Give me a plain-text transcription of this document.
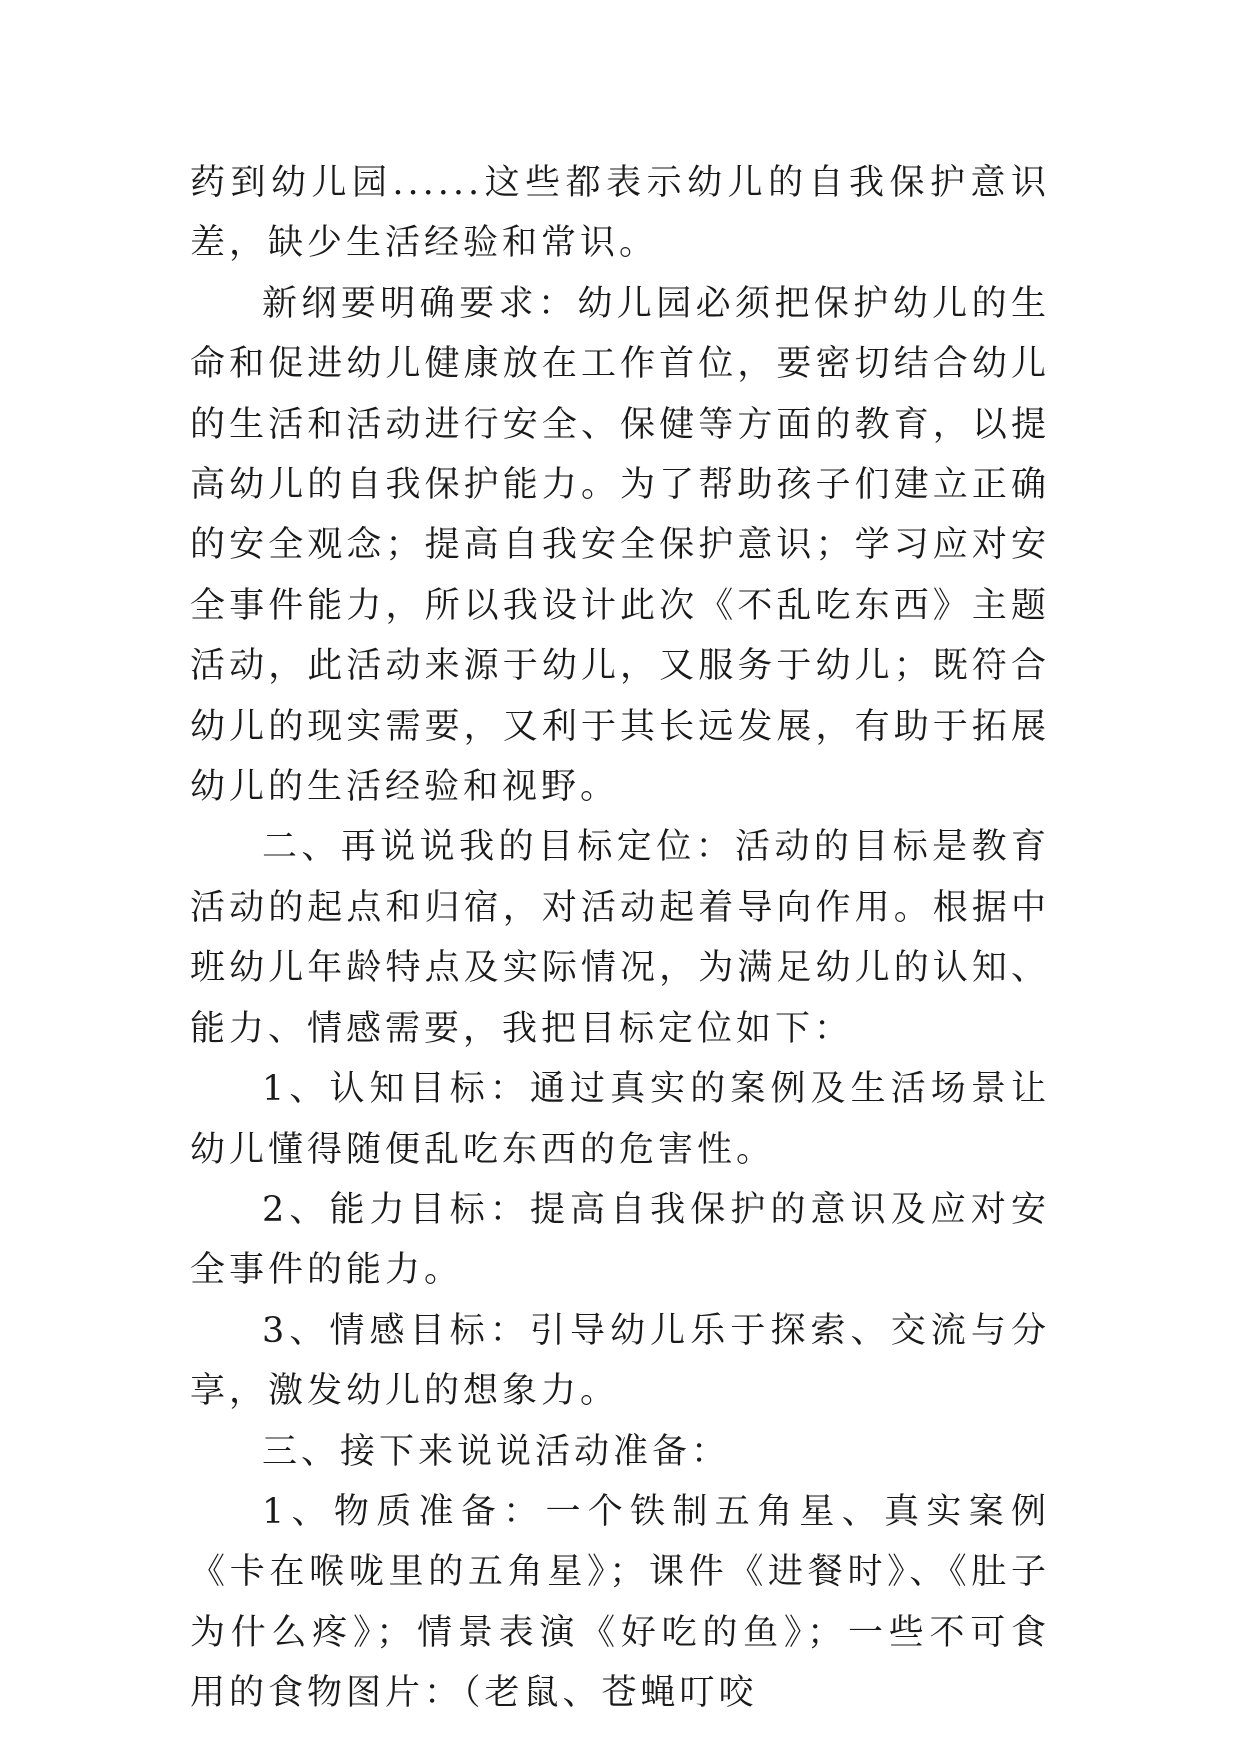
药到幼儿园......这些都表示幼儿的自我保护意识差，缺少生活经验和常识。

新纲要明确要求：幼儿园必须把保护幼儿的生命和促进幼儿健康放在工作首位，要密切结合幼儿的生活和活动进行安全、保健等方面的教育，以提高幼儿的自我保护能力。为了帮助孩子们建立正确的安全观念；提高自我安全保护意识；学习应对安全事件能力，所以我设计此次《不乱吃东西》主题活动，此活动来源于幼儿，又服务于幼儿；既符合幼儿的现实需要，又利于其长远发展，有助于拓展幼儿的生活经验和视野。

二、再说说我的目标定位：活动的目标是教育活动的起点和归宿，对活动起着导向作用。根据中班幼儿年龄特点及实际情况，为满足幼儿的认知、能力、情感需要，我把目标定位如下：

1、认知目标：通过真实的案例及生活场景让幼儿懂得随便乱吃东西的危害性。

2、能力目标：提高自我保护的意识及应对安全事件的能力。

3、情感目标：引导幼儿乐于探索、交流与分享，激发幼儿的想象力。

三、接下来说说活动准备：

1、物质准备：一个铁制五角星、真实案例《卡在喉咙里的五角星》；课件《进餐时》、《肚子为什么疼》；情景表演《好吃的鱼》；一些不可食用的食物图片：（老鼠、苍蝇叮咬
